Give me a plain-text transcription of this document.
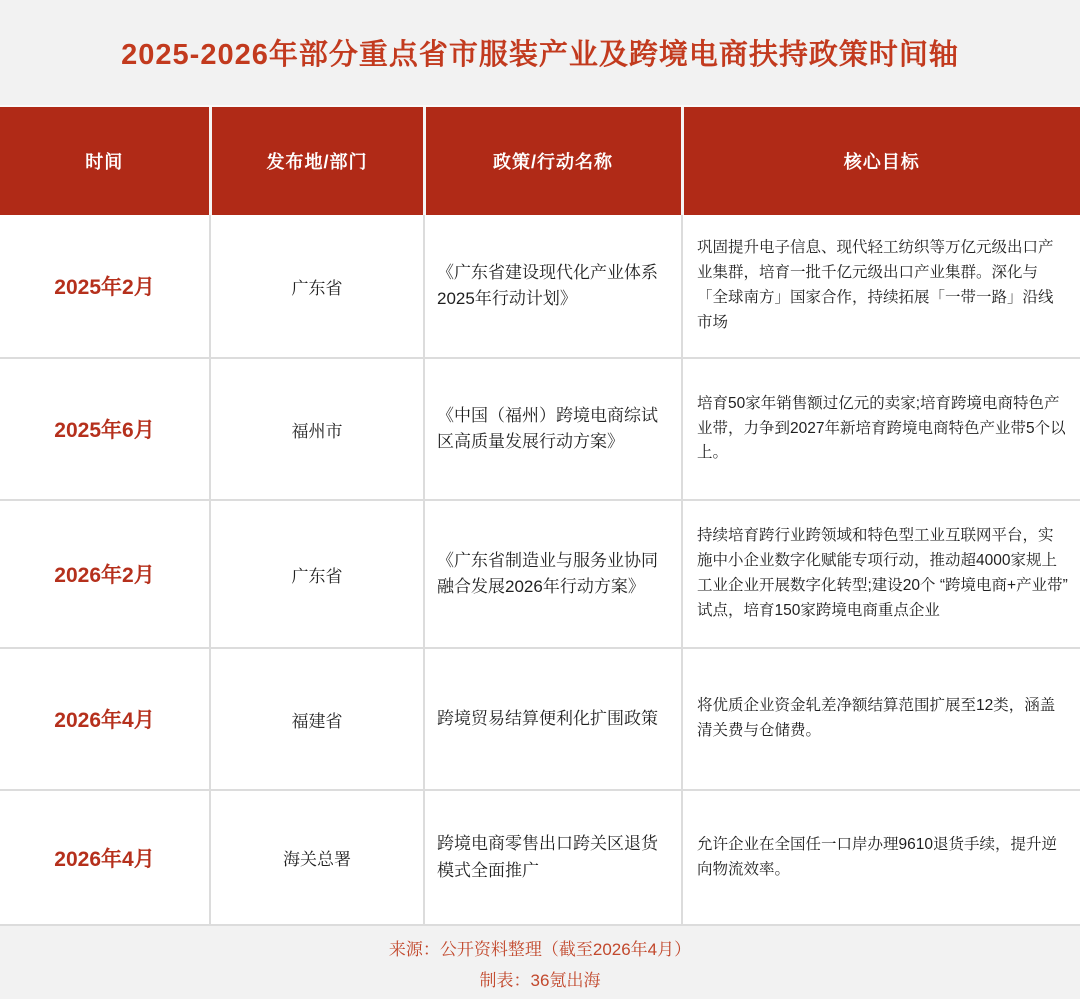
2025-2026年部分重点省市服装产业及跨境电商扶持政策时间轴
时间	发布地/部门	政策/行动名称	核心目标
2025年2月	广东省	《广东省建设现代化产业体系2025年行动计划》	巩固提升电子信息、现代轻工纺织等万亿元级出口产业集群，培育一批千亿元级出口产业集群。深化与「全球南方」国家合作，持续拓展「一带一路」沿线市场
2025年6月	福州市	《中国（福州）跨境电商综试区高质量发展行动方案》	培育50家年销售额过亿元的卖家;培育跨境电商特色产业带，力争到2027年新培育跨境电商特色产业带5个以上。
2026年2月	广东省	《广东省制造业与服务业协同融合发展2026年行动方案》	持续培育跨行业跨领域和特色型工业互联网平台，实施中小企业数字化赋能专项行动，推动超4000家规上工业企业开展数字化转型;建设20个 “跨境电商+产业带” 试点，培育150家跨境电商重点企业
2026年4月	福建省	跨境贸易结算便利化扩围政策	将优质企业资金轧差净额结算范围扩展至12类，涵盖清关费与仓储费。
2026年4月	海关总署	跨境电商零售出口跨关区退货模式全面推广	允许企业在全国任一口岸办理9610退货手续，提升逆向物流效率。

来源：公开资料整理（截至2026年4月）

制表：36氪出海
